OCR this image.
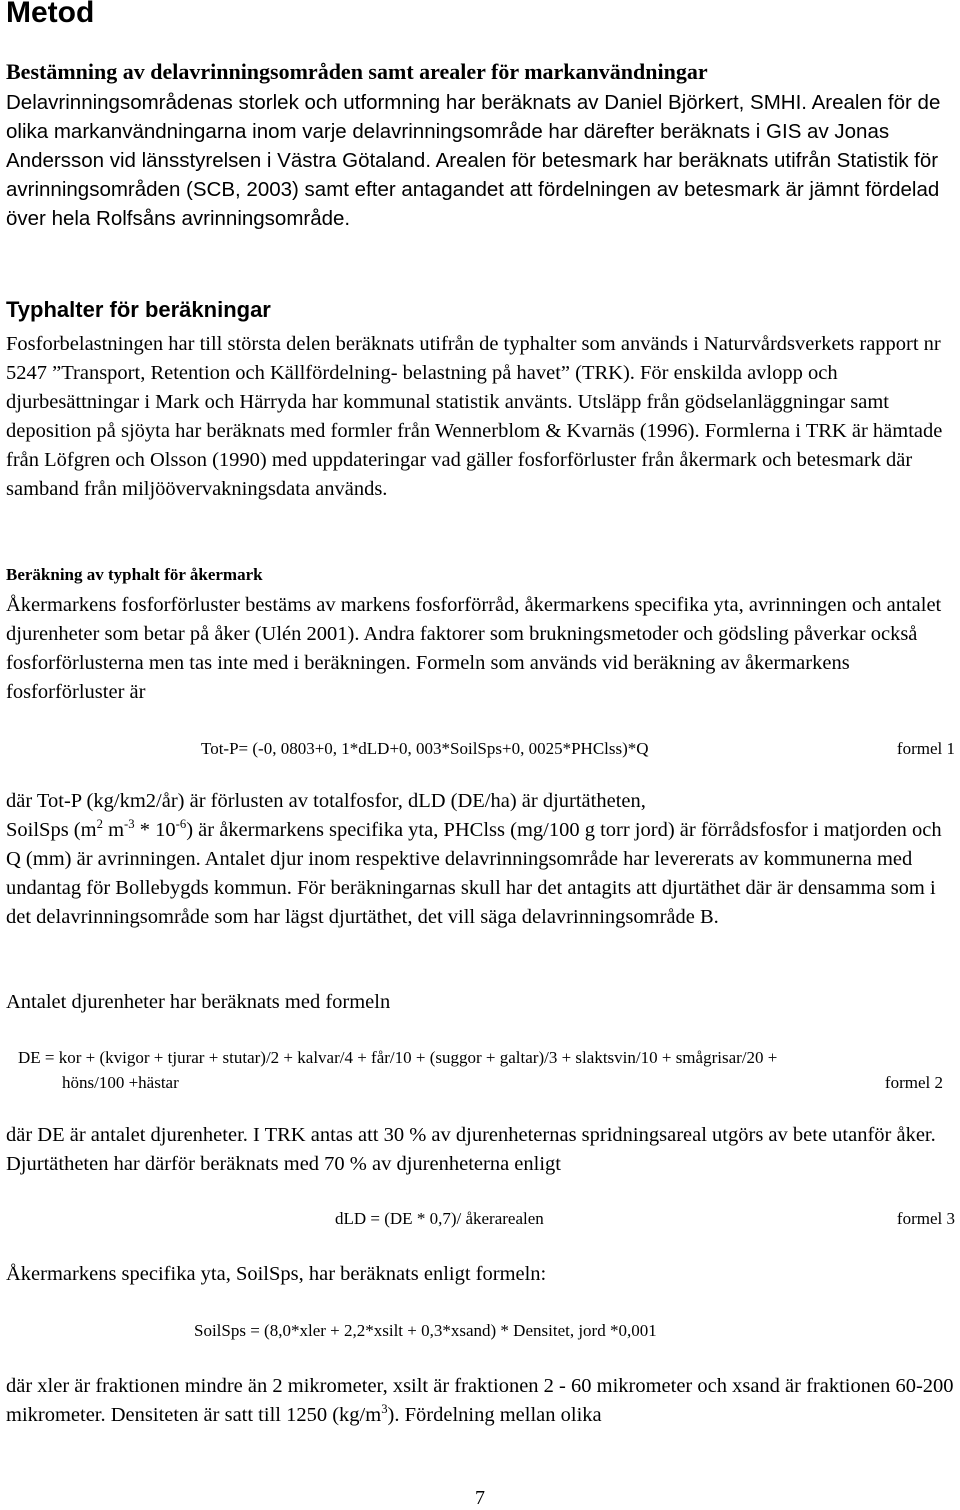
Metod
Bestämning av delavrinningsområden samt arealer för markanvändningar

Delavrinningsområdenas storlek och utformning har beräknats av Daniel Björkert, SMHI. Arealen för de olika markanvändningarna inom varje delavrinningsområde har därefter beräknats i GIS av Jonas Andersson vid länsstyrelsen i Västra Götaland. Arealen för betesmark har beräknats utifrån Statistik för avrinningsområden (SCB, 2003) samt efter antagandet att fördelningen av betesmark är jämnt fördelad över hela Rolfsåns avrinningsområde.

Typhalter för beräkningar

Fosforbelastningen har till största delen beräknats utifrån de typhalter som används i Naturvårdsverkets rapport nr 5247 ”Transport, Retention och Källfördelning- belastning på havet” (TRK). För enskilda avlopp och djurbesättningar i Mark och Härryda har kommunal statistik använts. Utsläpp från gödselanläggningar samt deposition på sjöyta har beräknats med formler från Wennerblom & Kvarnäs (1996). Formlerna i TRK är hämtade från Löfgren och Olsson (1990) med uppdateringar vad gäller fosforförluster från åkermark och betesmark där samband från miljöövervakningsdata används.

Beräkning av typhalt för åkermark

Åkermarkens fosforförluster bestäms av markens fosforförråd, åkermarkens specifika yta, avrinningen och antalet djurenheter som betar på åker (Ulén 2001). Andra faktorer som brukningsmetoder och gödsling påverkar också fosforförlusterna men tas inte med i beräkningen. Formeln som används vid beräkning av åkermarkens fosforförluster är

Tot-P= (-0, 0803+0, 1*dLD+0, 003*SoilSps+0, 0025*PHClss)*Q	formel 1

där Tot-P (kg/km2/år) är förlusten av totalfosfor, dLD (DE/ha) är djurtätheten,
SoilSps ($m^2$ $m^{-3} * 10^{-6}$) är åkermarkens specifika yta, PHClss (mg/100 g torr jord) är förrådsfosfor i matjorden och Q (mm) är avrinningen. Antalet djur inom respektive delavrinningsområde har levererats av kommunerna med undantag för Bollebygds kommun. För beräkningarnas skull har det antagits att djurtäthet där är densamma som i det delavrinningsområde som har lägst djurtäthet, det vill säga delavrinningsområde B.

Antalet djurenheter har beräknats med formeln

DE = kor + (kvigor + tjurar + stutar)/2 + kalvar/4 + får/10 + (suggor + galtar)/3 + slaktsvin/10 + smågrisar/20 +

höns/100 +hästar	formel 2

där DE är antalet djurenheter. I TRK antas att 30 % av djurenheternas spridningsareal utgörs av bete utanför åker. Djurtätheten har därför beräknats med 70 % av djurenheterna enligt

dLD = (DE * 0,7)/ åkerarealen	formel 3

Åkermarkens specifika yta, SoilSps, har beräknats enligt formeln:

SoilSps = (8,0*xler + 2,2*xsilt + 0,3*xsand) * Densitet, jord *0,001

där xler är fraktionen mindre än 2 mikrometer, xsilt är fraktionen 2 - 60 mikrometer och xsand är fraktionen 60-200 mikrometer. Densiteten är satt till 1250 $(kg/m^3)$. Fördelning mellan olika

7
